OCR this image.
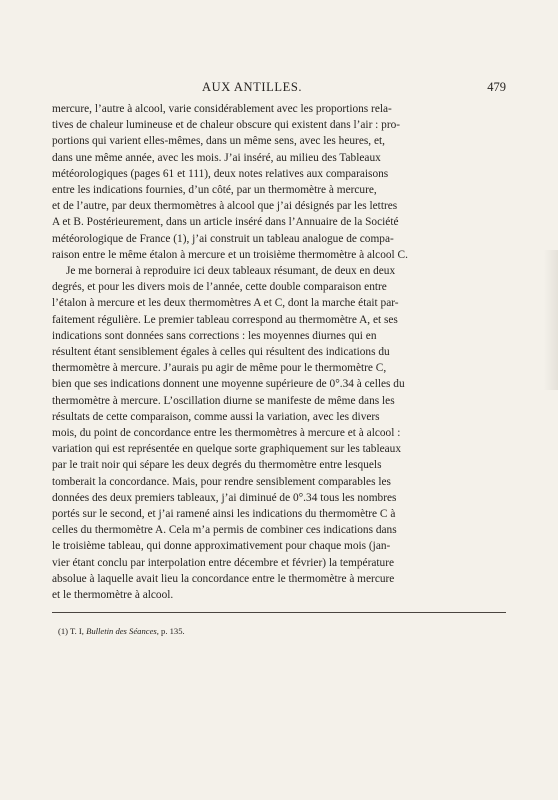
AUX ANTILLES.	479

mercure, l’autre à alcool, varie considérablement avec les proportions rela-
tives de chaleur lumineuse et de chaleur obscure qui existent dans l’air : pro-
portions qui varient elles-mêmes, dans un même sens, avec les heures, et,
dans une même année, avec les mois. J’ai inséré, au milieu des Tableaux
météorologiques (pages 61 et 111), deux notes relatives aux comparaisons
entre les indications fournies, d’un côté, par un thermomètre à mercure,
et de l’autre, par deux thermomètres à alcool que j’ai désignés par les lettres
A et B. Postérieurement, dans un article inséré dans l’Annuaire de la Société
météorologique de France (1), j’ai construit un tableau analogue de compa-
raison entre le même étalon à mercure et un troisième thermomètre à alcool C.

Je me bornerai à reproduire ici deux tableaux résumant, de deux en deux
degrés, et pour les divers mois de l’année, cette double comparaison entre
l’étalon à mercure et les deux thermomètres A et C, dont la marche était par-
faitement régulière. Le premier tableau correspond au thermomètre A, et ses
indications sont données sans corrections : les moyennes diurnes qui en
résultent étant sensiblement égales à celles qui résultent des indications du
thermomètre à mercure. J’aurais pu agir de même pour le thermomètre C,
bien que ses indications donnent une moyenne supérieure de 0°.34 à celles du
thermomètre à mercure. L’oscillation diurne se manifeste de même dans les
résultats de cette comparaison, comme aussi la variation, avec les divers
mois, du point de concordance entre les thermomètres à mercure et à alcool :
variation qui est représentée en quelque sorte graphiquement sur les tableaux
par le trait noir qui sépare les deux degrés du thermomètre entre lesquels
tomberait la concordance. Mais, pour rendre sensiblement comparables les
données des deux premiers tableaux, j’ai diminué de 0°.34 tous les nombres
portés sur le second, et j’ai ramené ainsi les indications du thermomètre C à
celles du thermomètre A. Cela m’a permis de combiner ces indications dans
le troisième tableau, qui donne approximativement pour chaque mois (jan-
vier étant conclu par interpolation entre décembre et février) la température
absolue à laquelle avait lieu la concordance entre le thermomètre à mercure
et le thermomètre à alcool.

(1) T. I, Bulletin des Séances, p. 135.
